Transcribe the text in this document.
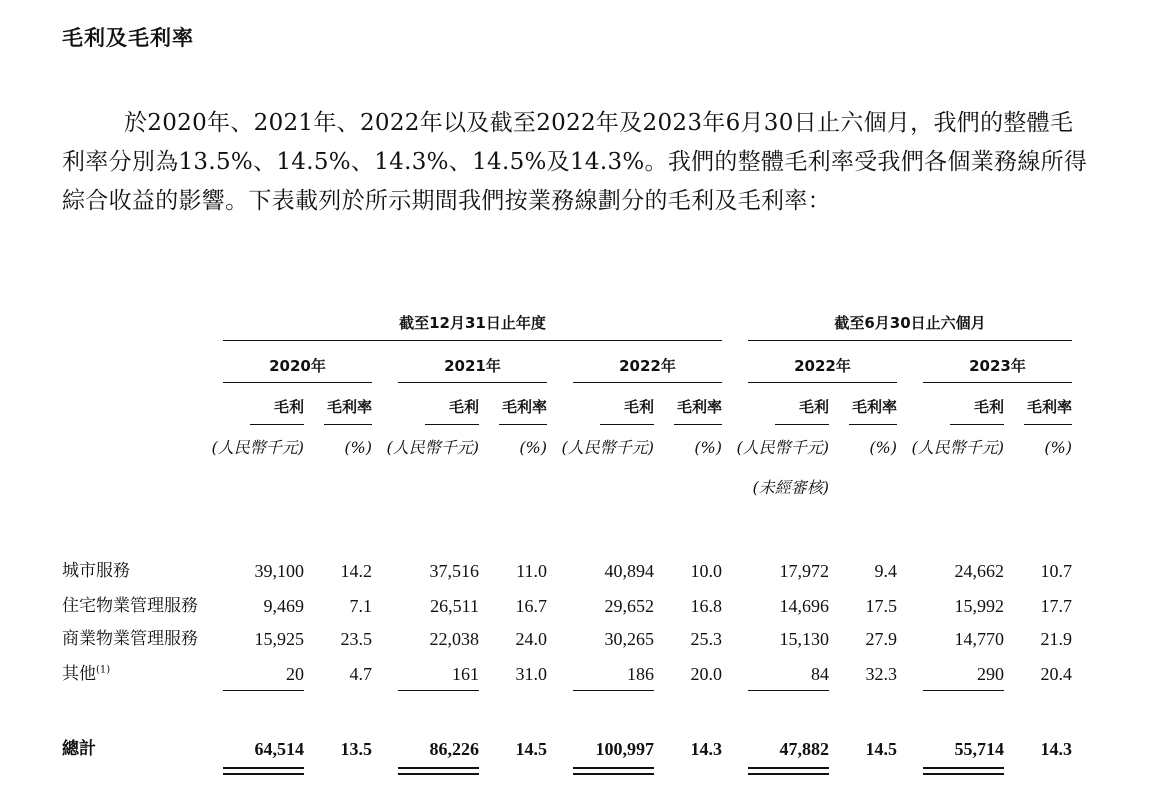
毛利及毛利率
於2020年、2021年、2022年以及截至2022年及2023年6月30日止六個月，我們的整體毛利率分別為13.5%、14.5%、14.3%、14.5%及14.3%。我們的整體毛利率受我們各個業務線所得綜合收益的影響。下表載列於所示期間我們按業務線劃分的毛利及毛利率：
截至12月31日止年度	截至6月30日止六個月
2020年
毛利	毛利率
(人民幣千元)	(%)
2021年
毛利	毛利率
(人民幣千元)	(%)
2022年
毛利	毛利率
(人民幣千元)	(%)
2022年
毛利	毛利率
(人民幣千元)	(%)
2023年
毛利	毛利率
(人民幣千元)	(%)
(未經審核)
城市服務	39,100	14.2	37,516	11.0	40,894	10.0	17,972	9.4	24,662	10.7
住宅物業管理服務	9,469	7.1	26,511	16.7	29,652	16.8	14,696	17.5	15,992	17.7
商業物業管理服務	15,925	23.5	22,038	24.0	30,265	25.3	15,130	27.9	14,770	21.9
其他$^{(1)}$	20	4.7	161	31.0	186	20.0	84	32.3	290	20.4
總計	64,514	13.5	86,226	14.5	100,997	14.3	47,882	14.5	55,714	14.3
